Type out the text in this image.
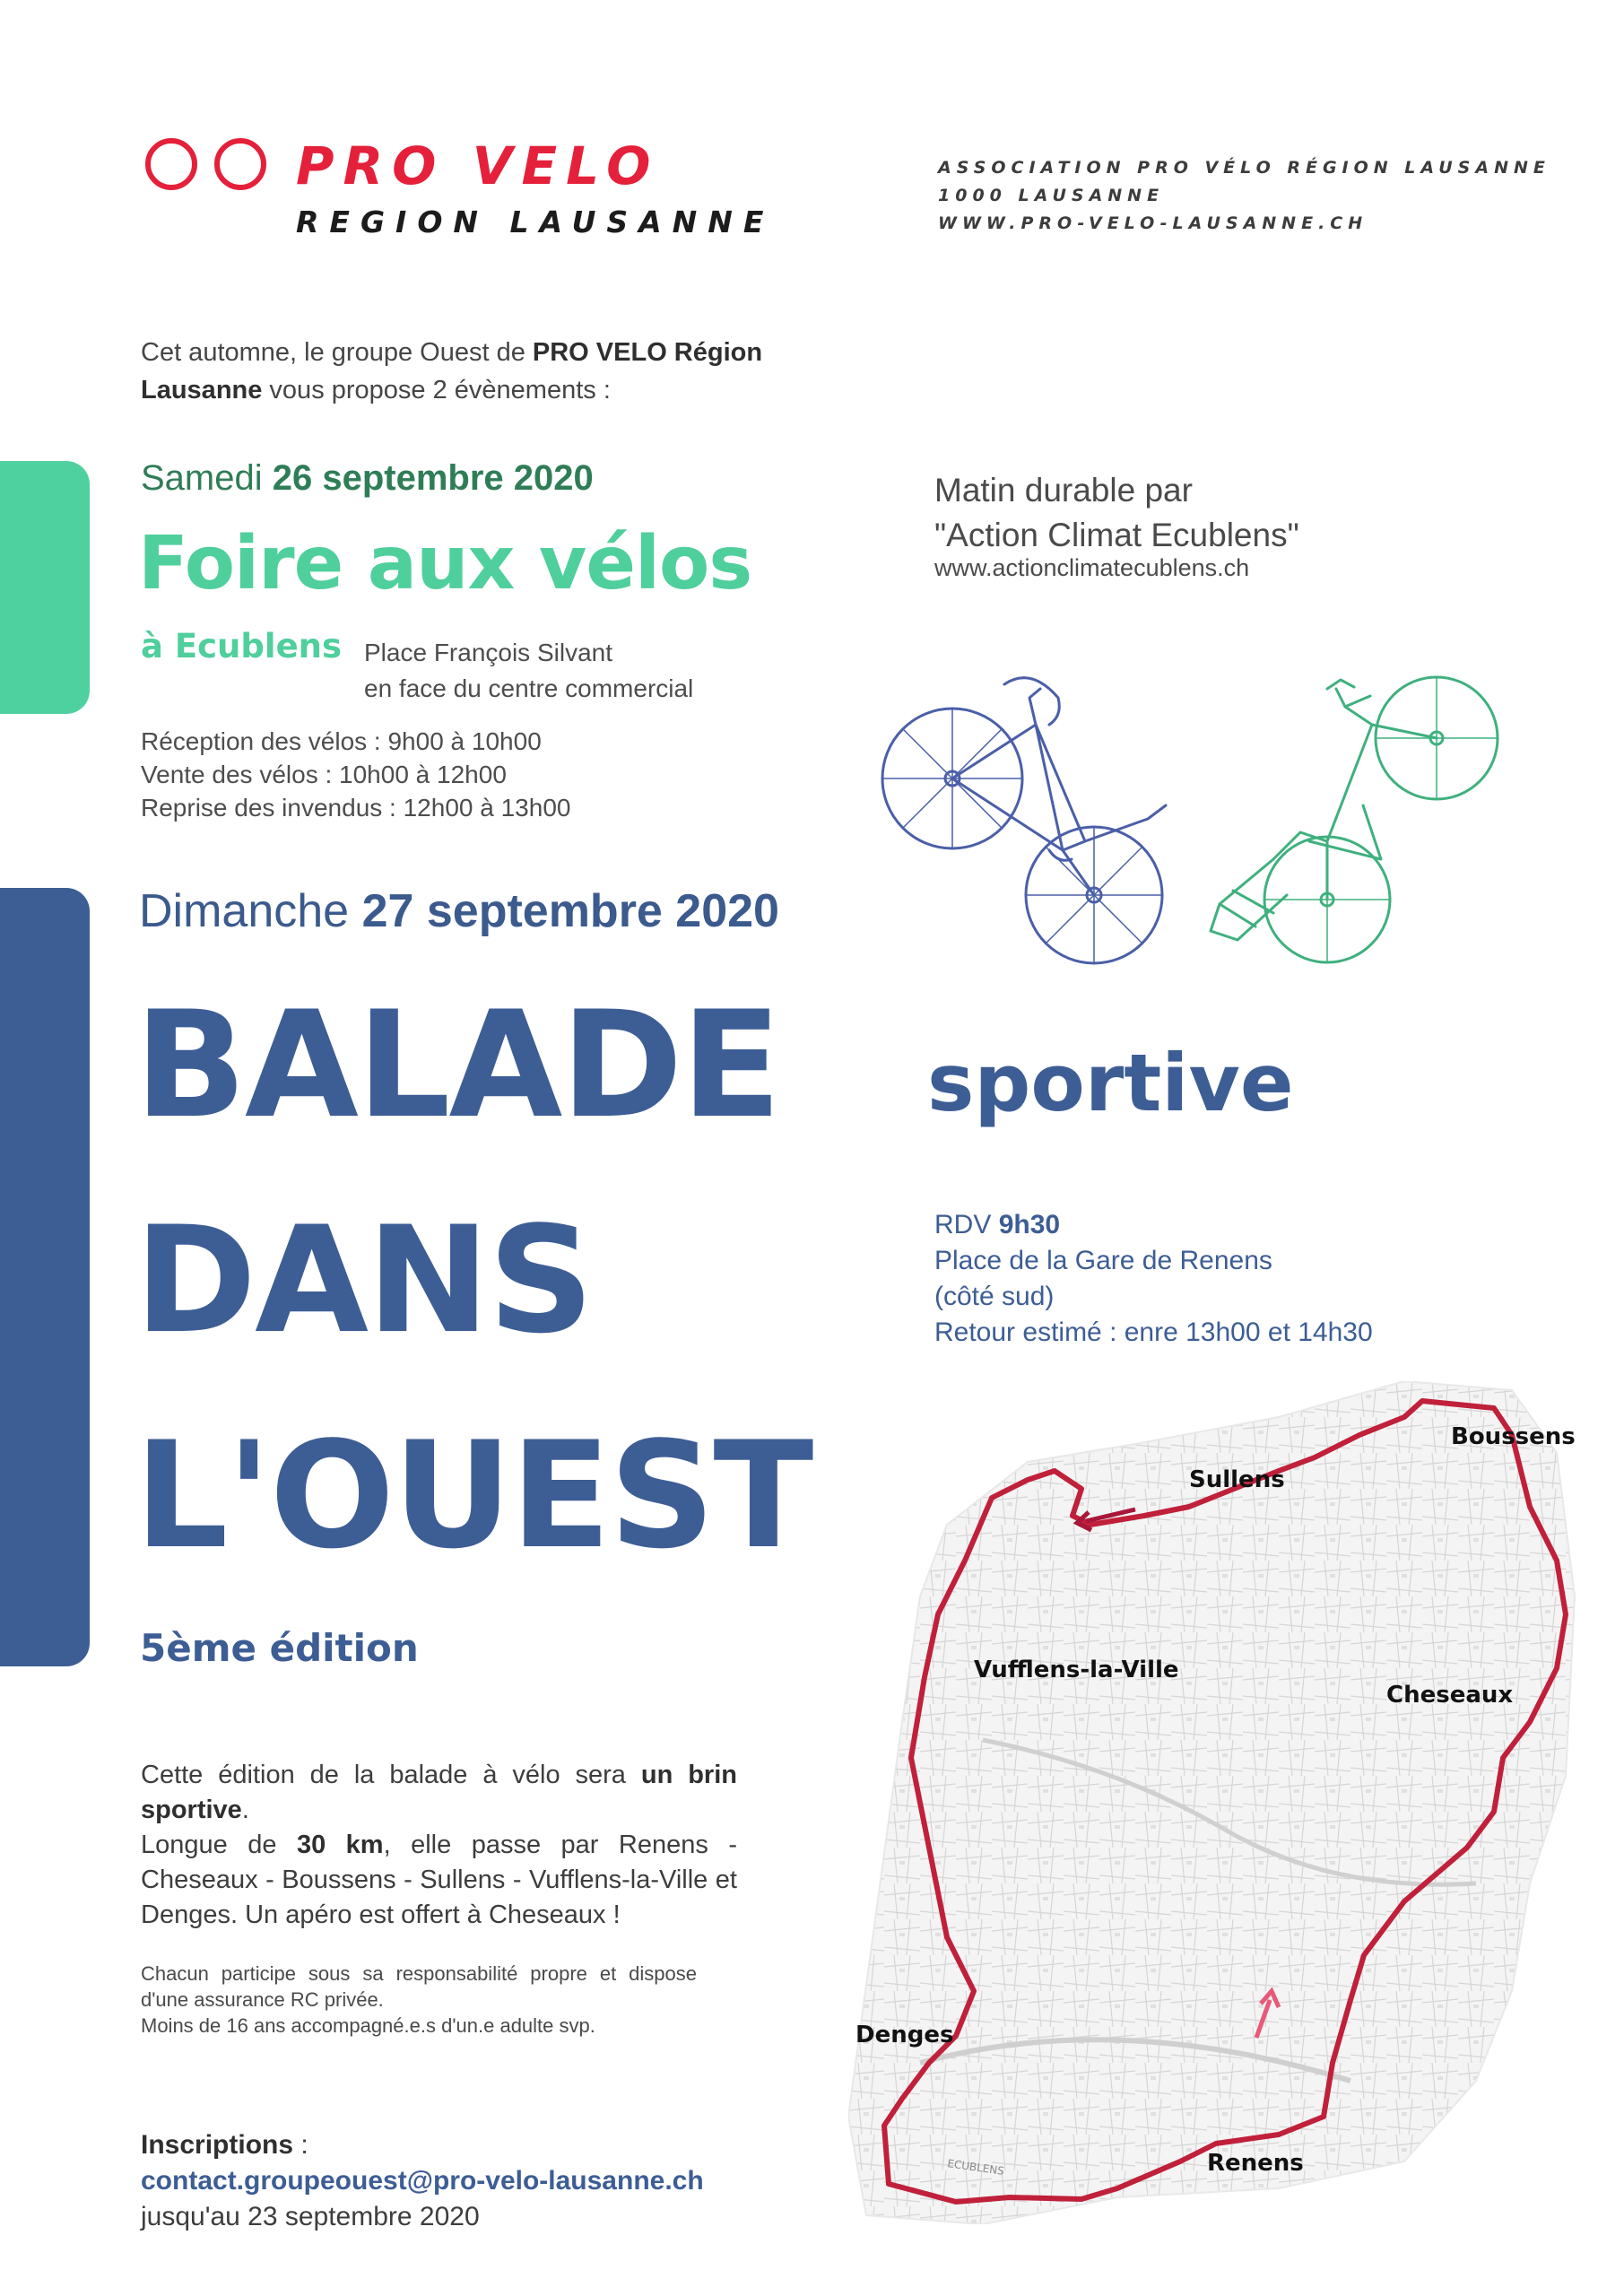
PRO VELO
REGION LAUSANNE
ASSOCIATION PRO VÉLO RÉGION LAUSANNE
1000 LAUSANNE
WWW.PRO-VELO-LAUSANNE.CH
Cet automne, le groupe Ouest de PRO VELO Région Lausanne vous propose 2 évènements :
Samedi 26 septembre 2020
Foire aux vélos
à Ecublens Place François Silvant
en face du centre commercial
Réception des vélos : 9h00 à 10h00
Vente des vélos : 10h00 à 12h00
Reprise des invendus : 12h00 à 13h00
Matin durable par
"Action Climat Ecublens"
www.actionclimatecublens.ch
Dimanche 27 septembre 2020
BALADE sportive
DANS
L'OUEST
5ème édition
RDV 9h30
Place de la Gare de Renens
(côté sud)
Retour estimé : enre 13h00 et 14h30
Cette édition de la balade à vélo sera un brin sportive.
Longue de 30 km, elle passe par Renens - Cheseaux - Boussens - Sullens - Vufflens-la-Ville et Denges. Un apéro est offert à Cheseaux !
Chacun participe sous sa responsabilité propre et dispose d'une assurance RC privée.
Moins de 16 ans accompagné.e.s d'un.e adulte svp.
Inscriptions :
contact.groupeouest@pro-velo-lausanne.ch
jusqu'au 23 septembre 2020
Boussens
Sullens
Vufflens-la-Ville
Cheseaux
Denges
Renens
ECUBLENS
